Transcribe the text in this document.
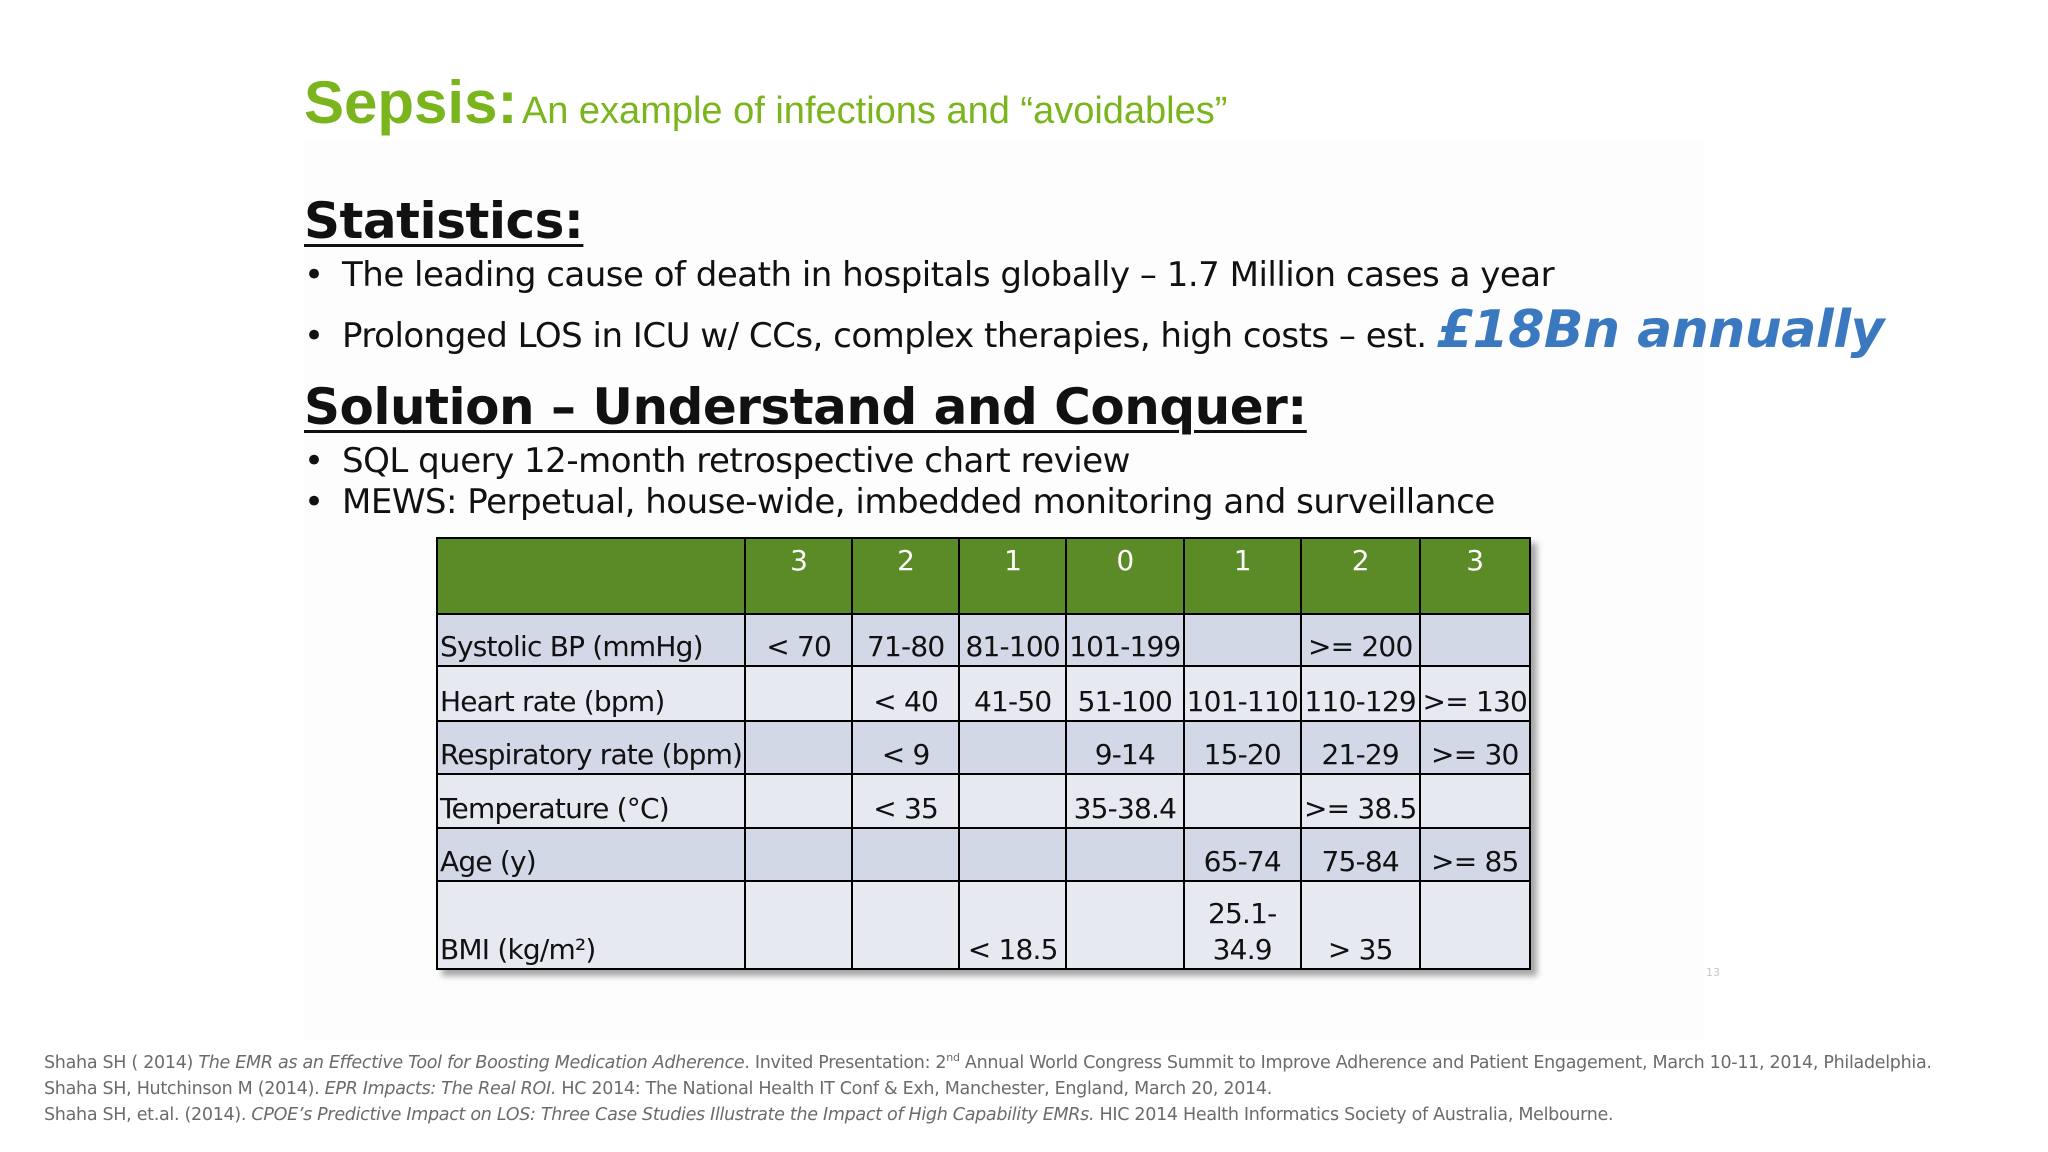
Sepsis: An example of infections and “avoidables”
Statistics:
• The leading cause of death in hospitals globally – 1.7 Million cases a year
• Prolonged LOS in ICU w/ CCs, complex therapies, high costs – est. £18Bn annually
Solution – Understand and Conquer:
• SQL query 12-month retrospective chart review
• MEWS: Perpetual, house-wide, imbedded monitoring and surveillance
	3	2	1	0	1	2	3
Systolic BP (mmHg)	< 70	71-80	81-100	101-199		>= 200	
Heart rate (bpm)		< 40	41-50	51-100	101-110	110-129	>= 130
Respiratory rate (bpm)		< 9		9-14	15-20	21-29	>= 30
Temperature (°C)		< 35		35-38.4		>= 38.5	
Age (y)					65-74	75-84	>= 85
BMI (kg/m²)			< 18.5		25.1-
34.9	> 35	
13
Shaha SH ( 2014) The EMR as an Effective Tool for Boosting Medication Adherence. Invited Presentation: 2nd Annual World Congress Summit to Improve Adherence and Patient Engagement, March 10-11, 2014, Philadelphia.
Shaha SH, Hutchinson M (2014). EPR Impacts: The Real ROI. HC 2014: The National Health IT Conf & Exh, Manchester, England, March 20, 2014.
Shaha SH, et.al. (2014). CPOE’s Predictive Impact on LOS: Three Case Studies Illustrate the Impact of High Capability EMRs. HIC 2014 Health Informatics Society of Australia, Melbourne.
